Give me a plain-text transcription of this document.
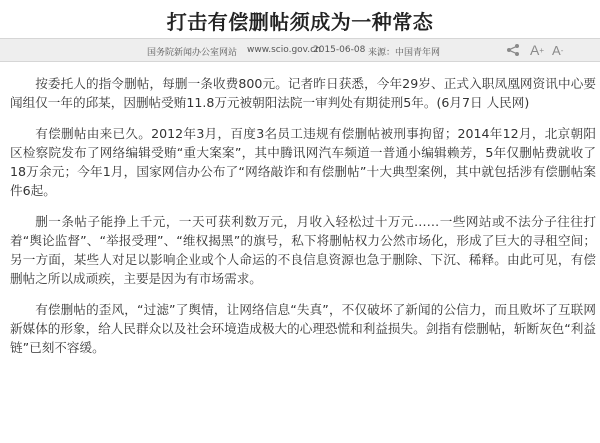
打击有偿删帖须成为一种常态
国务院新闻办公室网站 www.scio.gov.cn
2015-06-08 来源：中国青年网	A + A -

按委托人的指令删帖，每删一条收费800元。记者昨日获悉，今年29岁、正式入职凤凰网资讯中心要闻组仅一年的邱某，因删帖受贿11.8万元被朝阳法院一审判处有期徒刑5年。(6月7日 人民网)

有偿删帖由来已久。2012年3月，百度3名员工违规有偿删帖被刑事拘留；2014年12月，北京朝阳区检察院发布了网络编辑受贿“重大案案”，其中腾讯网汽车频道一普通小编辑赖芳，5年仅删帖费就收了18万余元；今年1月，国家网信办公布了“网络敲诈和有偿删帖”十大典型案例，其中就包括涉有偿删帖案件6起。

删一条帖子能挣上千元，一天可获利数万元，月收入轻松过十万元……一些网站或不法分子往往打着“舆论监督”、“举报受理”、“维权揭黑”的旗号，私下将删帖权力公然市场化，形成了巨大的寻租空间；另一方面，某些人对足以影响企业或个人命运的不良信息资源也急于删除、下沉、稀释。由此可见，有偿删帖之所以成顽疾，主要是因为有市场需求。

有偿删帖的歪风，“过滤”了舆情，让网络信息“失真”，不仅破坏了新闻的公信力，而且败坏了互联网新媒体的形象，给人民群众以及社会环境造成极大的心理恐慌和利益损失。剑指有偿删帖，斩断灰色“利益链”已刻不容缓。
